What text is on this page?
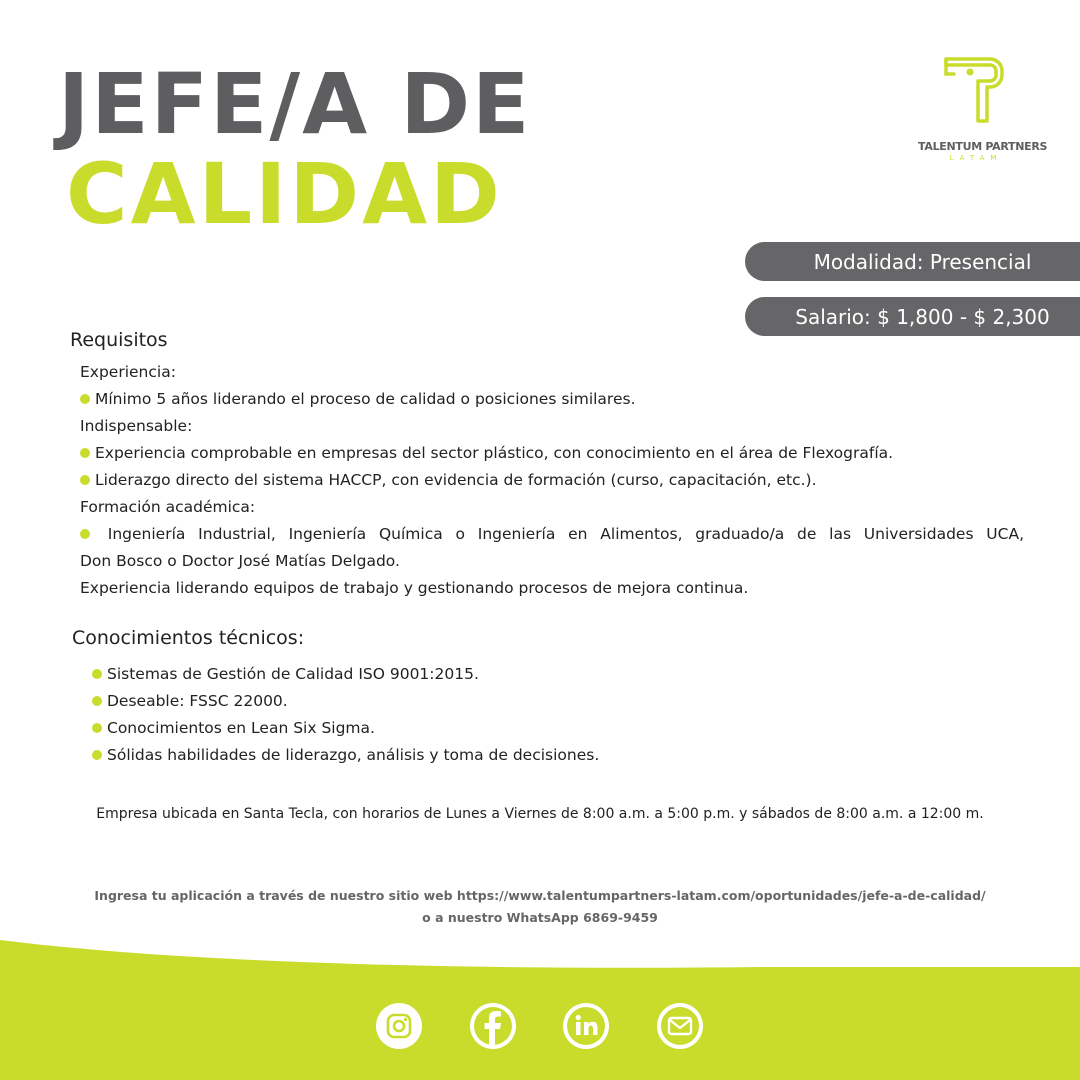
JEFE/A DE
CALIDAD	TALENTUM PARTNERS
LATAM
Modalidad: Presencial
Salario: $ 1,800 - $ 2,300
Requisitos
Experiencia:
Mínimo 5 años liderando el proceso de calidad o posiciones similares.
Indispensable:
Experiencia comprobable en empresas del sector plástico, con conocimiento en el área de Flexografía.
Liderazgo directo del sistema HACCP, con evidencia de formación (curso, capacitación, etc.).
Formación académica:
Ingeniería Industrial, Ingeniería Química o Ingeniería en Alimentos, graduado/a de las Universidades UCA,
Don Bosco o Doctor José Matías Delgado.
Experiencia liderando equipos de trabajo y gestionando procesos de mejora continua.
Conocimientos técnicos:
Sistemas de Gestión de Calidad ISO 9001:2015.
Deseable: FSSC 22000.
Conocimientos en Lean Six Sigma.
Sólidas habilidades de liderazgo, análisis y toma de decisiones.
Empresa ubicada en Santa Tecla, con horarios de Lunes a Viernes de 8:00 a.m. a 5:00 p.m. y sábados de 8:00 a.m. a 12:00 m.
Ingresa tu aplicación a través de nuestro sitio web https://www.talentumpartners-latam.com/oportunidades/jefe-a-de-calidad/
o a nuestro WhatsApp 6869-9459
